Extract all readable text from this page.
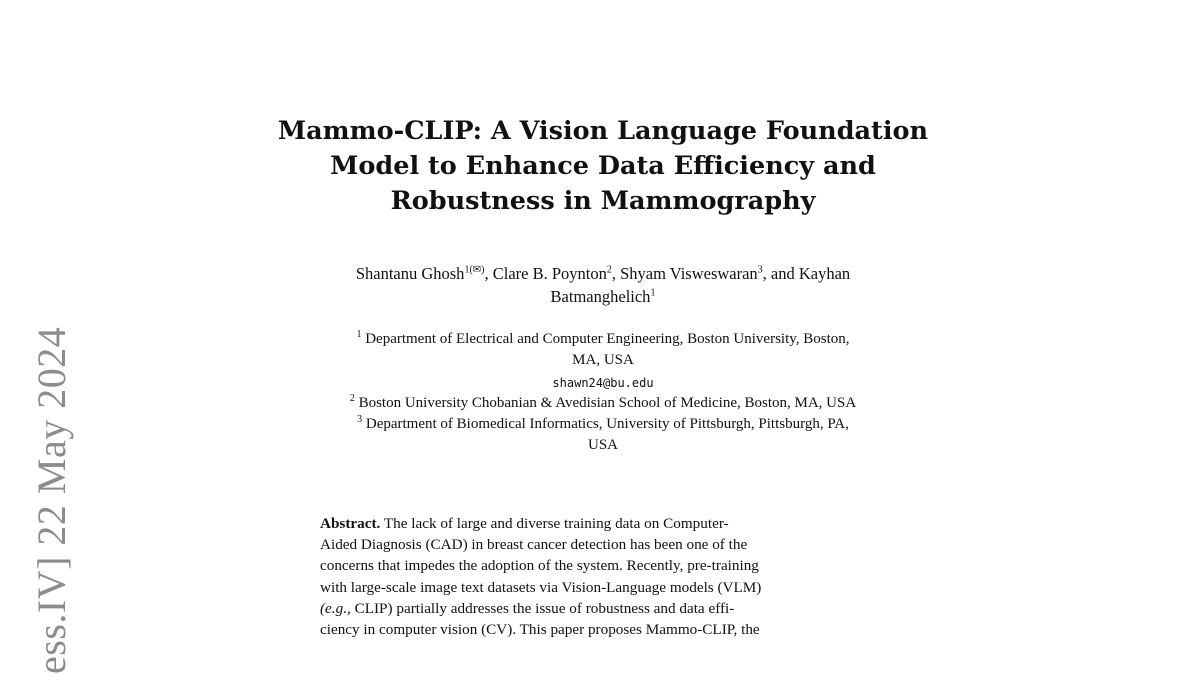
ess.IV] 22 May 2024
Mammo-CLIP: A Vision Language Foundation
Model to Enhance Data Efficiency and
Robustness in Mammography
Shantanu Ghosh$^{1(✉)}$, Clare B. Poynton$^2$, Shyam Visweswaran$^3$, and Kayhan
Batmanghelich$^1$
$^1$ Department of Electrical and Computer Engineering, Boston University, Boston,
MA, USA
shawn24@bu.edu
$^2$ Boston University Chobanian & Avedisian School of Medicine, Boston, MA, USA
$^3$ Department of Biomedical Informatics, University of Pittsburgh, Pittsburgh, PA,
USA
Abstract. The lack of large and diverse training data on Computer-
Aided Diagnosis (CAD) in breast cancer detection has been one of the
concerns that impedes the adoption of the system. Recently, pre-training
with large-scale image text datasets via Vision-Language models (VLM)
(e.g., CLIP) partially addresses the issue of robustness and data effi-
ciency in computer vision (CV). This paper proposes Mammo-CLIP, the
